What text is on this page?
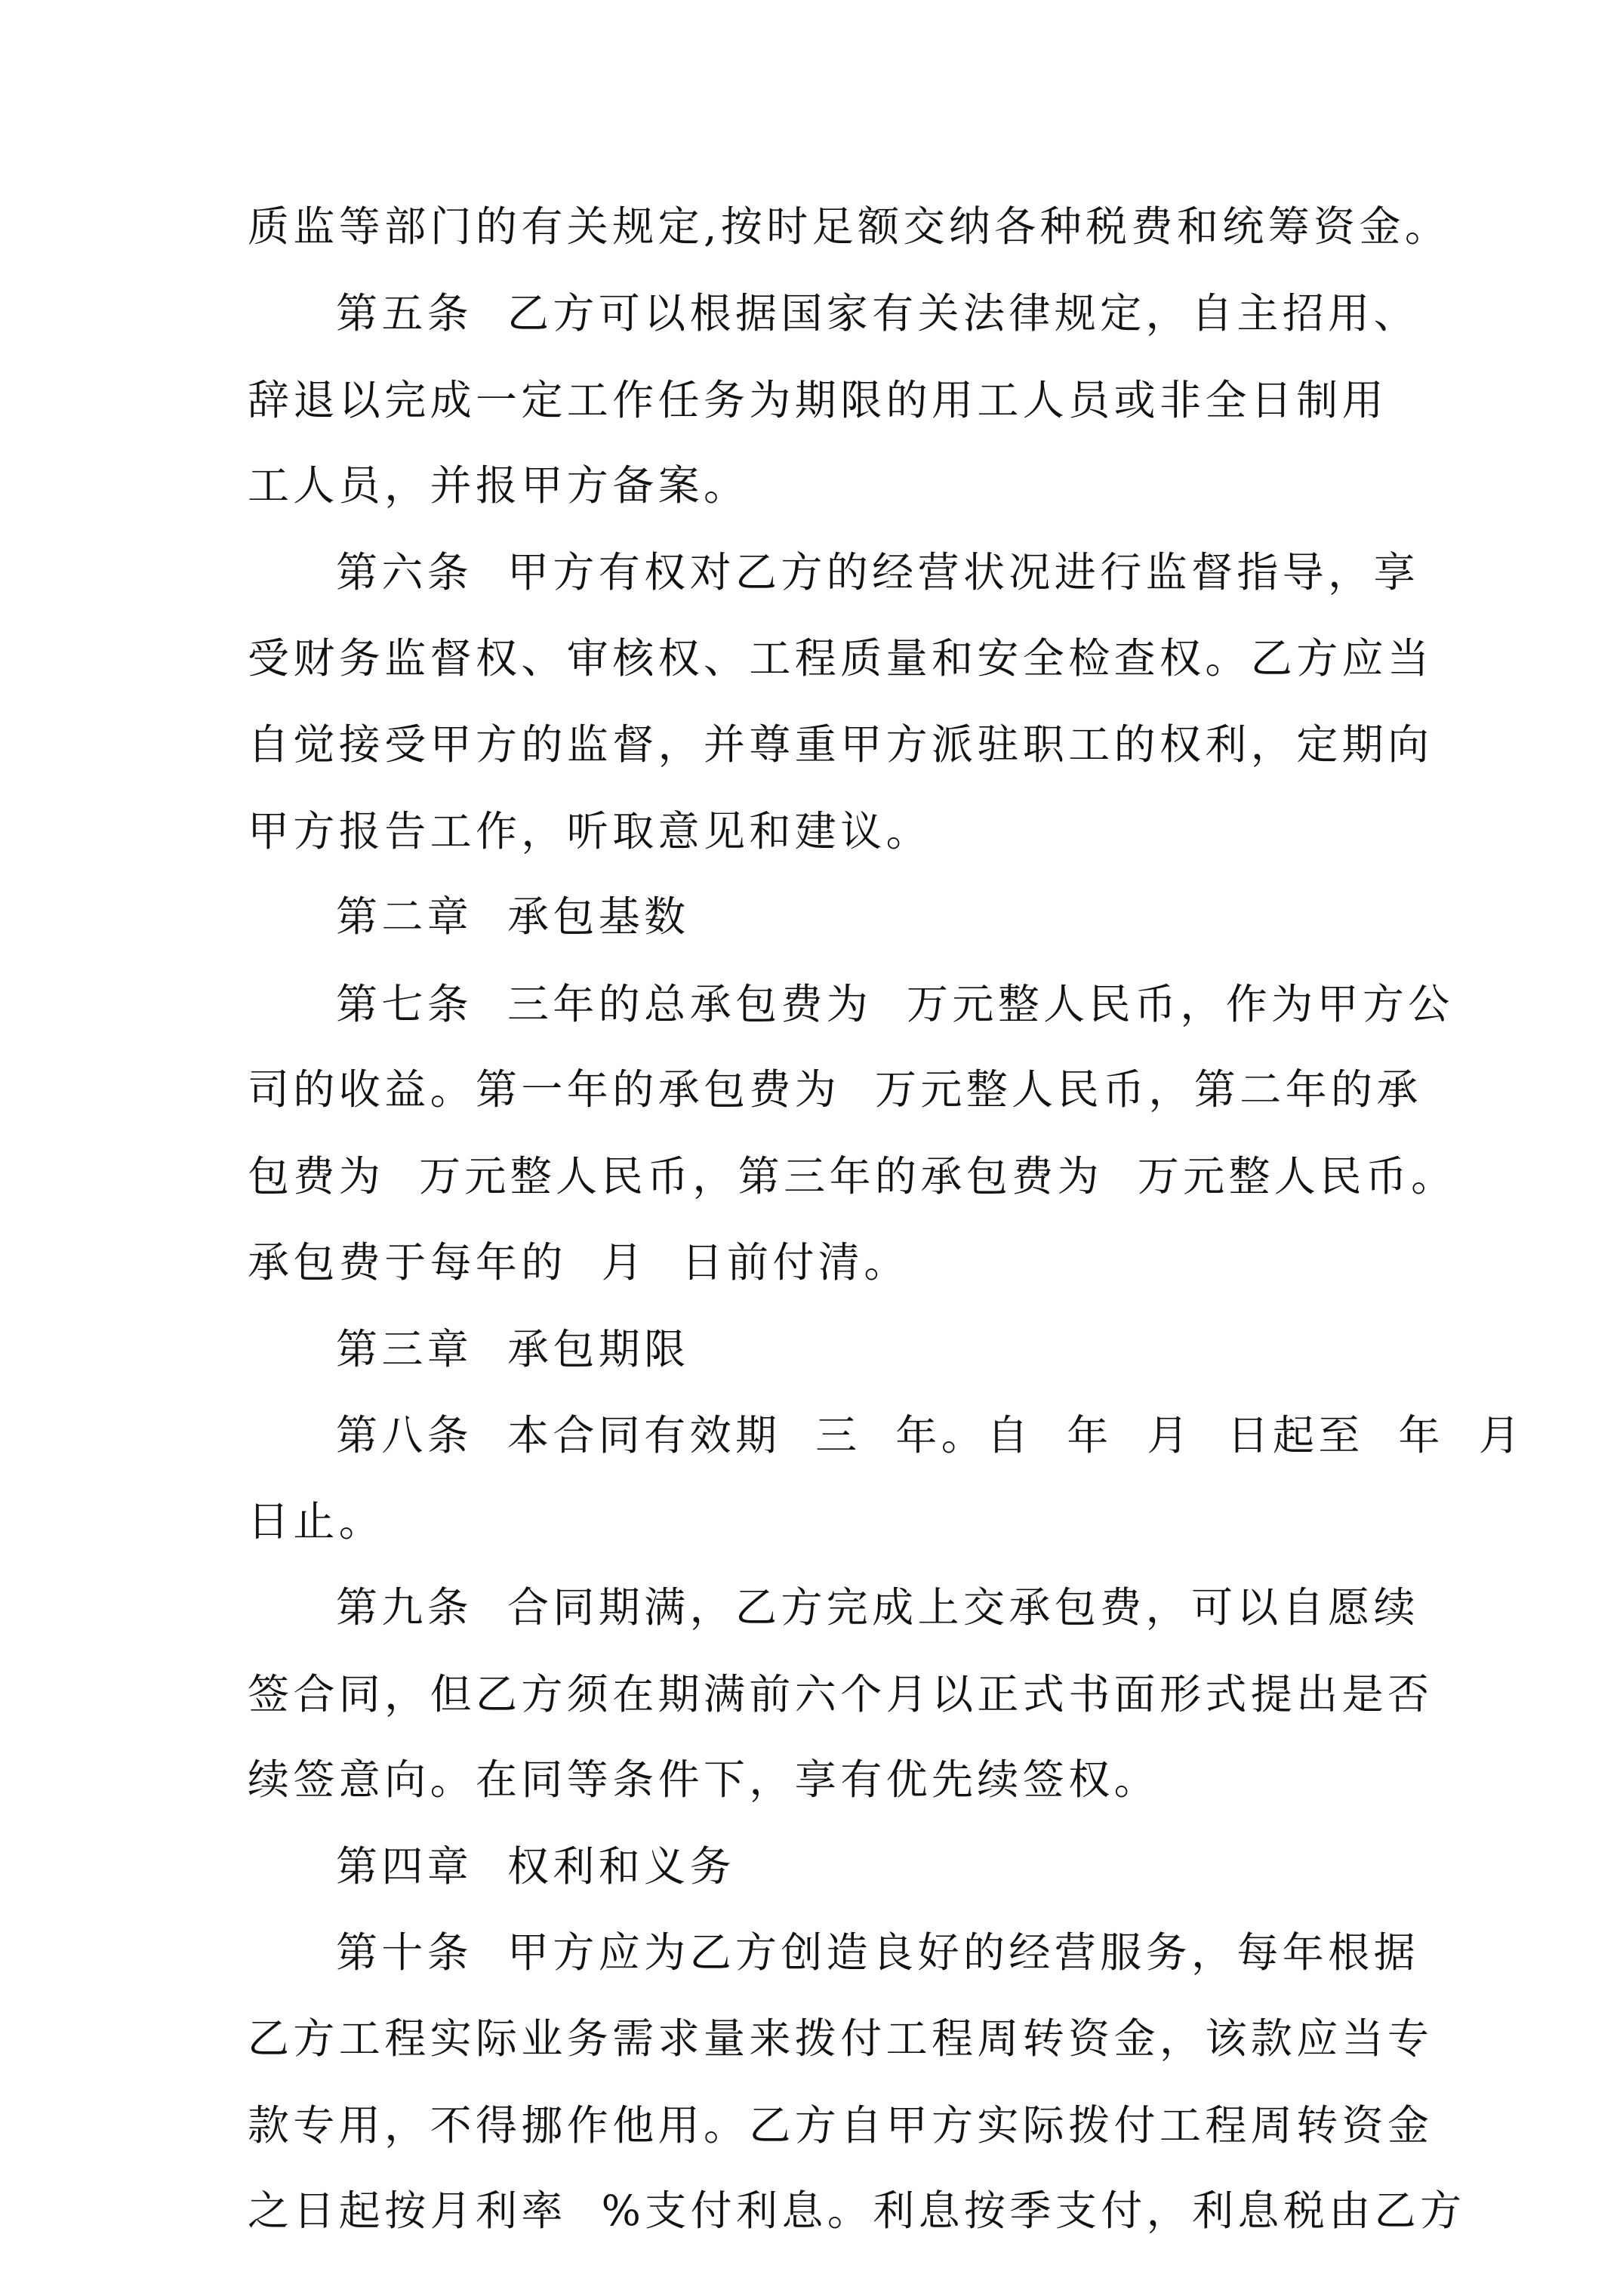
质监等部门的有关规定,按时足额交纳各种税费和统筹资金。

第五条  乙方可以根据国家有关法律规定，自主招用、

辞退以完成一定工作任务为期限的用工人员或非全日制用

工人员，并报甲方备案。

第六条  甲方有权对乙方的经营状况进行监督指导，享

受财务监督权、审核权、工程质量和安全检查权。乙方应当

自觉接受甲方的监督，并尊重甲方派驻职工的权利，定期向

甲方报告工作，听取意见和建议。

第二章  承包基数

第七条  三年的总承包费为  万元整人民币，作为甲方公

司的收益。第一年的承包费为  万元整人民币，第二年的承

包费为  万元整人民币，第三年的承包费为  万元整人民币。

承包费于每年的  月  日前付清。

第三章  承包期限

第八条  本合同有效期  三  年。自  年  月  日起至  年  月

日止。

第九条  合同期满，乙方完成上交承包费，可以自愿续

签合同，但乙方须在期满前六个月以正式书面形式提出是否

续签意向。在同等条件下，享有优先续签权。

第四章  权利和义务

第十条  甲方应为乙方创造良好的经营服务，每年根据

乙方工程实际业务需求量来拨付工程周转资金，该款应当专

款专用，不得挪作他用。乙方自甲方实际拨付工程周转资金

之日起按月利率  %支付利息。利息按季支付，利息税由乙方
